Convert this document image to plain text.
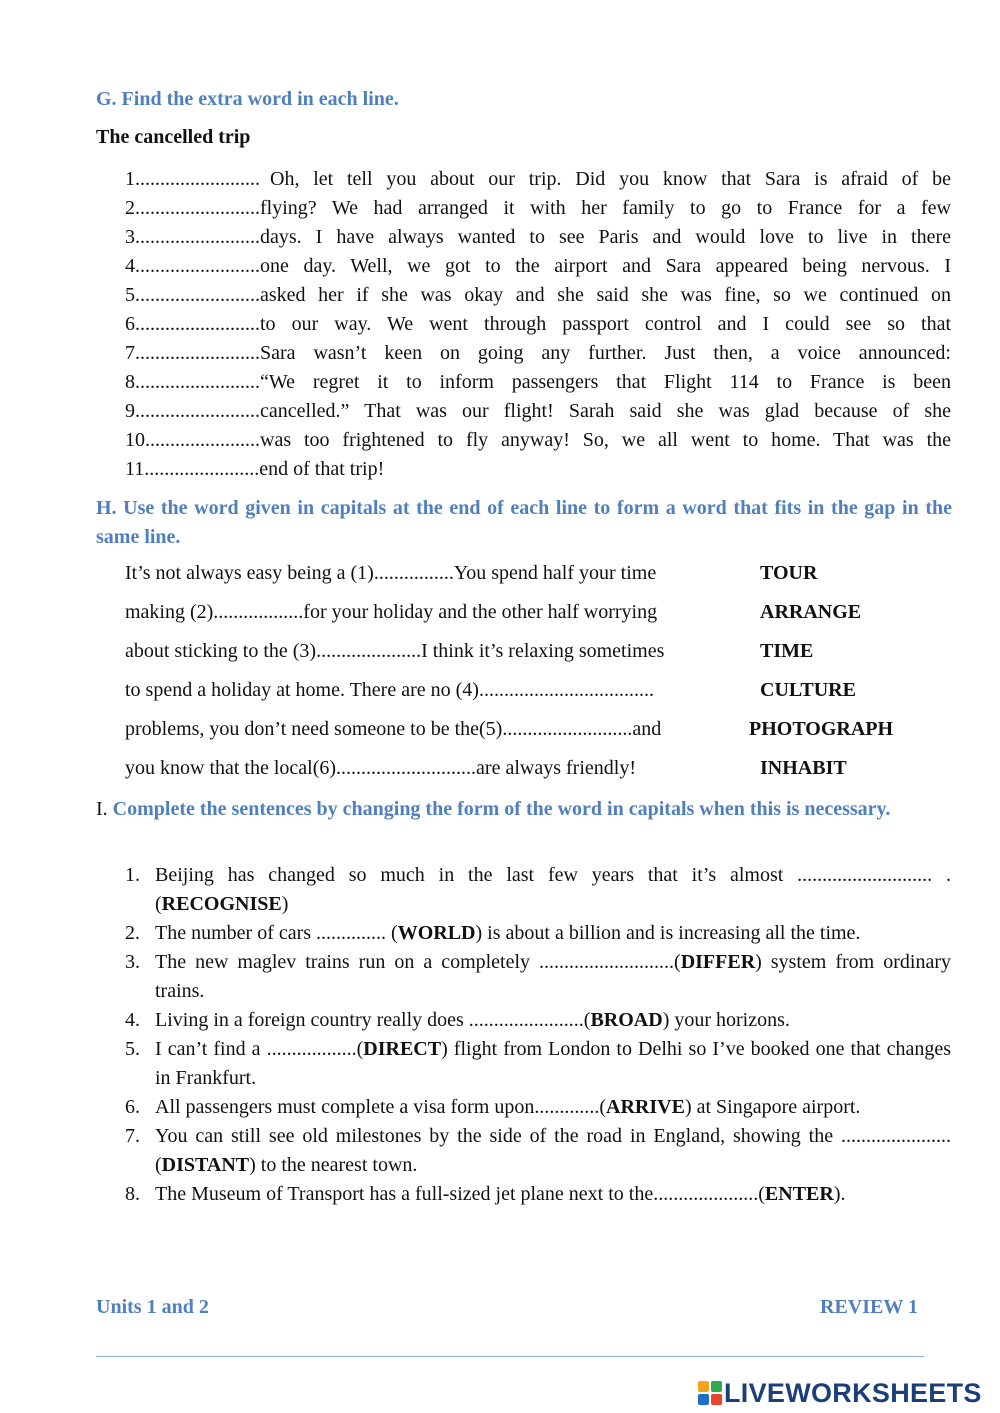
G. Find the extra word in each line.
The cancelled trip
1......................... Oh, let tell you about our trip. Did you know that Sara is afraid of be
2......................... flying? We had arranged it with her family to go to France for a few
3......................... days. I have always wanted to see Paris and would love to live in there
4......................... one day. Well, we got to the airport and Sara appeared being nervous. I
5......................... asked her if she was okay and she said she was fine, so we continued on
6......................... to our way. We went through passport control and I could see so that
7......................... Sara wasn’t keen on going any further. Just then, a voice announced:
8......................... “We regret it to inform passengers that Flight 114 to France is been
9......................... cancelled.” That was our flight! Sarah said she was glad because of she
10....................... was too frightened to fly anyway! So, we all went to home. That was the
11....................... end of that trip!
H. Use the word given in capitals at the end of each line to form a word that fits in the gap in the same line.
It’s not always easy being a (1)................You spend half your time	TOUR
making (2)..................for your holiday and the other half worrying	ARRANGE
about sticking to the (3).....................I think it’s relaxing sometimes	TIME
to spend a holiday at home. There are no (4)...................................	CULTURE
problems, you don’t need someone to be the(5)..........................and	PHOTOGRAPH
you know that the local(6)............................are always friendly!	INHABIT
I. Complete the sentences by changing the form of the word in capitals when this is necessary.
1. Beijing has changed so much in the last few years that it’s almost ........................... . (RECOGNISE)
2. The number of cars .............. (WORLD) is about a billion and is increasing all the time.
3. The new maglev trains run on a completely ...........................(DIFFER) system from ordinary trains.
4. Living in a foreign country really does .......................(BROAD) your horizons.
5. I can’t find a ..................(DIRECT) flight from London to Delhi so I’ve booked one that changes in Frankfurt.
6. All passengers must complete a visa form upon.............(ARRIVE) at Singapore airport.
7. You can still see old milestones by the side of the road in England, showing the ...................... (DISTANT) to the nearest town.
8. The Museum of Transport has a full-sized jet plane next to the.....................(ENTER).
Units 1 and 2	REVIEW 1
LIVEWORKSHEETS
